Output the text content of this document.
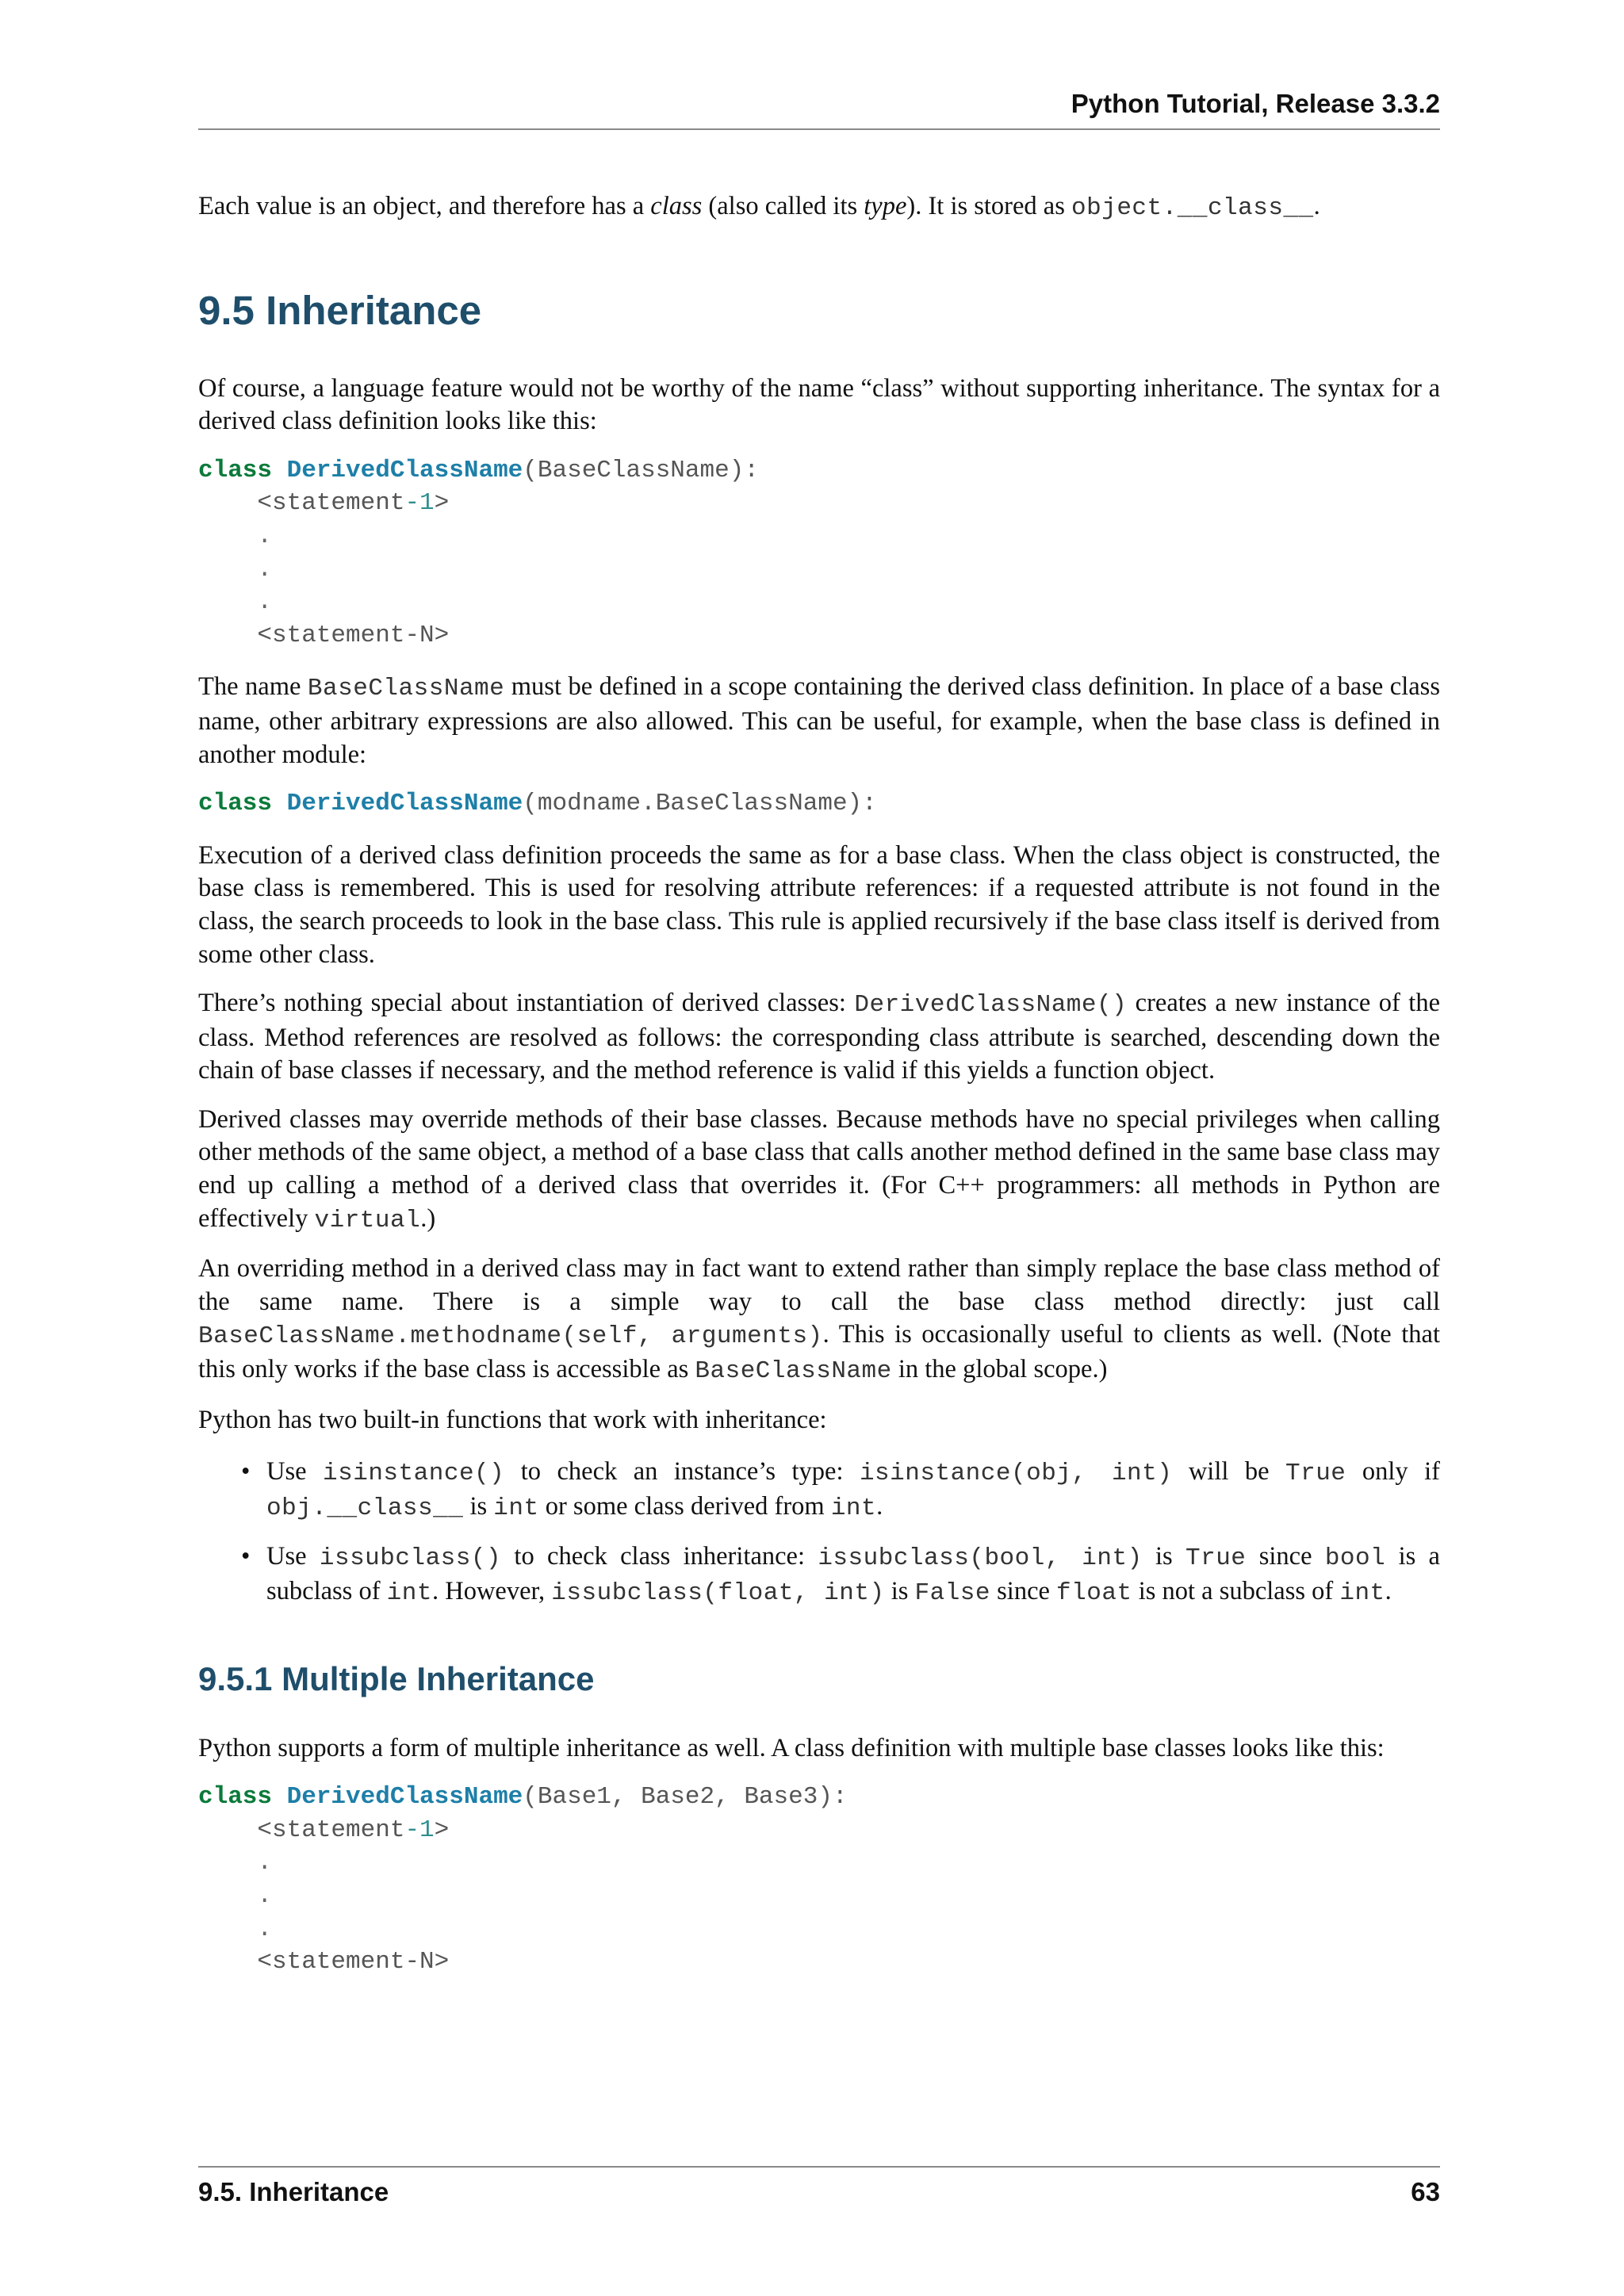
Python Tutorial, Release 3.3.2

Each value is an object, and therefore has a class (also called its type). It is stored as object.__class__.

9.5 Inheritance

Of course, a language feature would not be worthy of the name “class” without supporting inheritance. The syntax for a derived class definition looks like this:

class DerivedClassName(BaseClassName):
<statement-1>
.
.
.
<statement-N>

The name BaseClassName must be defined in a scope containing the derived class definition. In place of a base class name, other arbitrary expressions are also allowed. This can be useful, for example, when the base class is defined in another module:

class DerivedClassName(modname.BaseClassName):

Execution of a derived class definition proceeds the same as for a base class. When the class object is constructed, the base class is remembered. This is used for resolving attribute references: if a requested attribute is not found in the class, the search proceeds to look in the base class. This rule is applied recursively if the base class itself is derived from some other class.

There’s nothing special about instantiation of derived classes: DerivedClassName() creates a new instance of the class. Method references are resolved as follows: the corresponding class attribute is searched, descending down the chain of base classes if necessary, and the method reference is valid if this yields a function object.

Derived classes may override methods of their base classes. Because methods have no special privileges when calling other methods of the same object, a method of a base class that calls another method defined in the same base class may end up calling a method of a derived class that overrides it. (For C++ programmers: all methods in Python are effectively virtual.)

An overriding method in a derived class may in fact want to extend rather than simply replace the base class method of the same name. There is a simple way to call the base class method directly: just call BaseClassName.methodname(self, arguments). This is occasionally useful to clients as well. (Note that this only works if the base class is accessible as BaseClassName in the global scope.)

Python has two built-in functions that work with inheritance:

• Use isinstance() to check an instance’s type: isinstance(obj, int) will be True only if obj.__class__ is int or some class derived from int.
• Use issubclass() to check class inheritance: issubclass(bool, int) is True since bool is a subclass of int. However, issubclass(float, int) is False since float is not a subclass of int.
9.5.1 Multiple Inheritance

Python supports a form of multiple inheritance as well. A class definition with multiple base classes looks like this:

class DerivedClassName(Base1, Base2, Base3):
<statement-1>
.
.
.
<statement-N>
9.5. Inheritance	63
